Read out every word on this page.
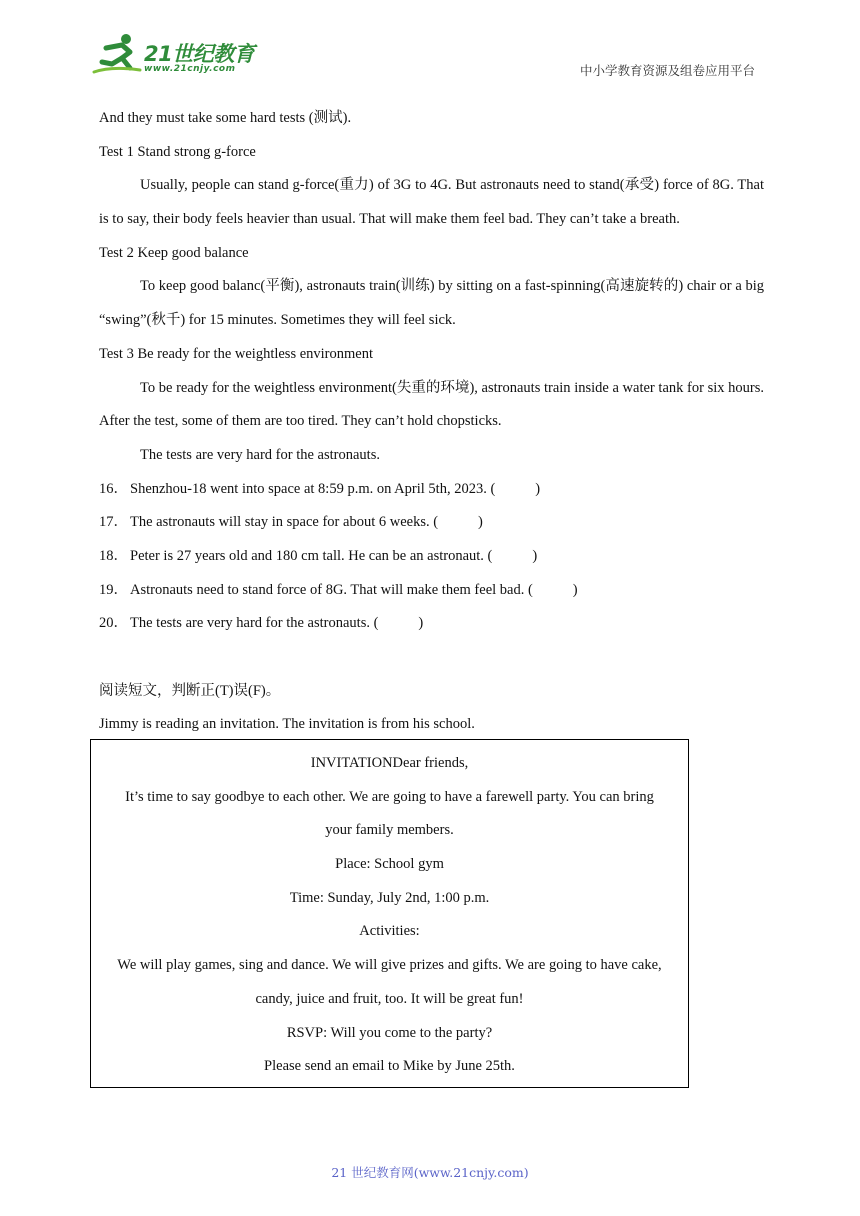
21世纪教育
www.21cnjy.com	中小学教育资源及组卷应用平台
And they must take some hard tests (测试).
Test 1 Stand strong g-force
Usually, people can stand g-force(重力) of 3G to 4G. But astronauts need to stand(承受) force of 8G. That is to say, their body feels heavier than usual. That will make them feel bad. They can’t take a breath.
Test 2 Keep good balance
To keep good balanc(平衡), astronauts train(训练) by sitting on a fast-spinning(高速旋转的) chair or a big “swing”(秋千) for 15 minutes. Sometimes they will feel sick.
Test 3 Be ready for the weightless environment
To be ready for the weightless environment(失重的环境), astronauts train inside a water tank for six hours. After the test, some of them are too tired. They can’t hold chopsticks.
The tests are very hard for the astronauts.
16． Shenzhou-18 went into space at 8:59 p.m. on April 5th, 2023. (	)
17． The astronauts will stay in space for about 6 weeks. (	)
18． Peter is 27 years old and 180 cm tall. He can be an astronaut. (	)
19． Astronauts need to stand force of 8G. That will make them feel bad. (	)
20． The tests are very hard for the astronauts. (	)
阅读短文，判断正(T)误(F)。
Jimmy is reading an invitation. The invitation is from his school.
INVITATIONDear friends,
It’s time to say goodbye to each other. We are going to have a farewell party. You can bring
your family members.
Place: School gym
Time: Sunday, July 2nd, 1:00 p.m.
Activities:
We will play games, sing and dance. We will give prizes and gifts. We are going to have cake,
candy, juice and fruit, too. It will be great fun!
RSVP: Will you come to the party?
Please send an email to Mike by June 25th.
21 世纪教育网(www.21cnjy.com)
